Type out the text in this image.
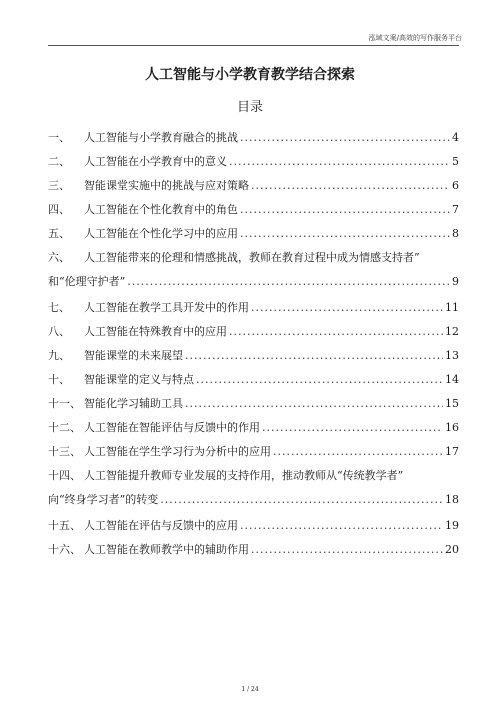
泓域文案/高效的写作服务平台
人工智能与小学教育教学结合探索
目录
一、	人工智能与小学教育融合的挑战 .....	4
二、	人工智能在小学教育中的意义 .....	5
三、	智能课堂实施中的挑战与应对策略 .....	6
四、	人工智能在个性化教育中的角色 .....	7
五、	人工智能在个性化学习中的应用 .....	8
六、 人工智能带来的伦理和情感挑战，教师在教育过程中成为情感支持者”
和“伦理守护者” .....	9
七、	人工智能在教学工具开发中的作用 .....	11
八、	人工智能在特殊教育中的应用 .....	12
九、	智能课堂的未来展望 .....	13
十、	智能课堂的定义与特点 .....	14
十一、 智能化学习辅助工具 .....	15
十二、 人工智能在智能评估与反馈中的作用 .....	16
十三、 人工智能在学生学习行为分析中的应用 .....	17
十四、 人工智能提升教师专业发展的支持作用，推动教师从“传统教学者”
向“终身学习者”的转变 .....	18
十五、 人工智能在评估与反馈中的应用 .....	19
十六、 人工智能在教师教学中的辅助作用 .....	20
1 / 24
